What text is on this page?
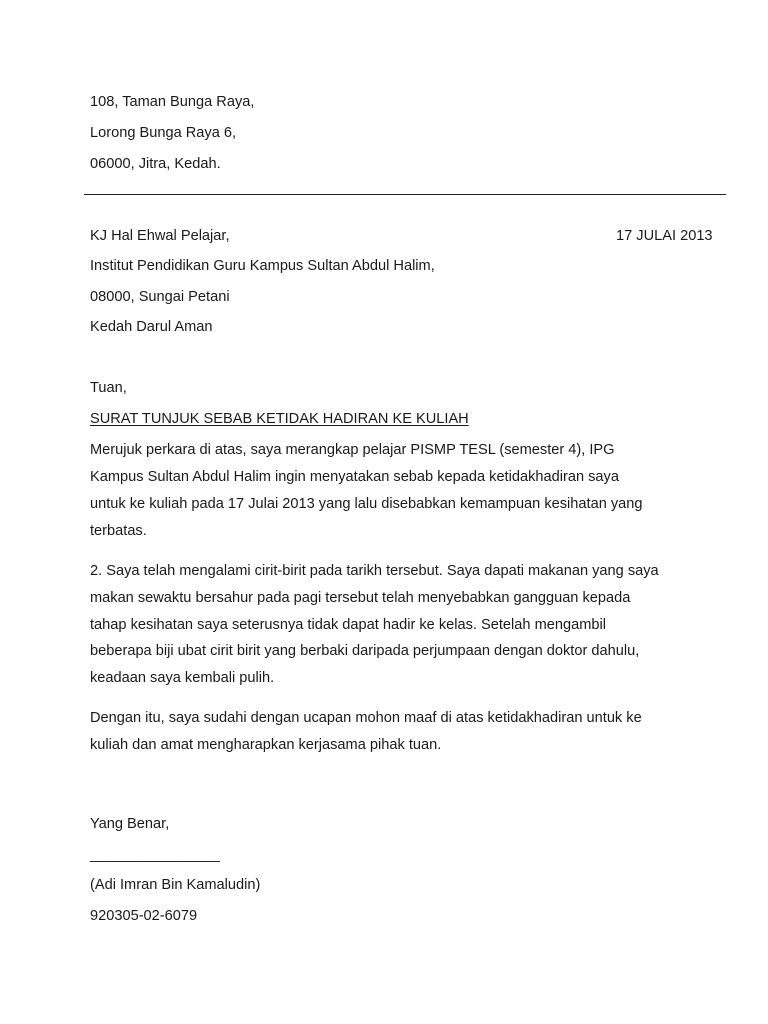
108, Taman Bunga Raya,
Lorong Bunga Raya 6,
06000, Jitra, Kedah.
KJ Hal Ehwal Pelajar,	17 JULAI 2013
Institut Pendidikan Guru Kampus Sultan Abdul Halim,
08000, Sungai Petani
Kedah Darul Aman
Tuan,
SURAT TUNJUK SEBAB KETIDAK HADIRAN KE KULIAH
Merujuk perkara di atas, saya merangkap pelajar PISMP TESL (semester 4), IPG
Kampus Sultan Abdul Halim ingin menyatakan sebab kepada ketidakhadiran saya
untuk ke kuliah pada 17 Julai 2013 yang lalu disebabkan kemampuan kesihatan yang
terbatas.
2. Saya telah mengalami cirit-birit pada tarikh tersebut. Saya dapati makanan yang saya
makan sewaktu bersahur pada pagi tersebut telah menyebabkan gangguan kepada
tahap kesihatan saya seterusnya tidak dapat hadir ke kelas. Setelah mengambil
beberapa biji ubat cirit birit yang berbaki daripada perjumpaan dengan doktor dahulu,
keadaan saya kembali pulih.
Dengan itu, saya sudahi dengan ucapan mohon maaf di atas ketidakhadiran untuk ke
kuliah dan amat mengharapkan kerjasama pihak tuan.
Yang Benar,
________________
(Adi Imran Bin Kamaludin)
920305-02-6079
